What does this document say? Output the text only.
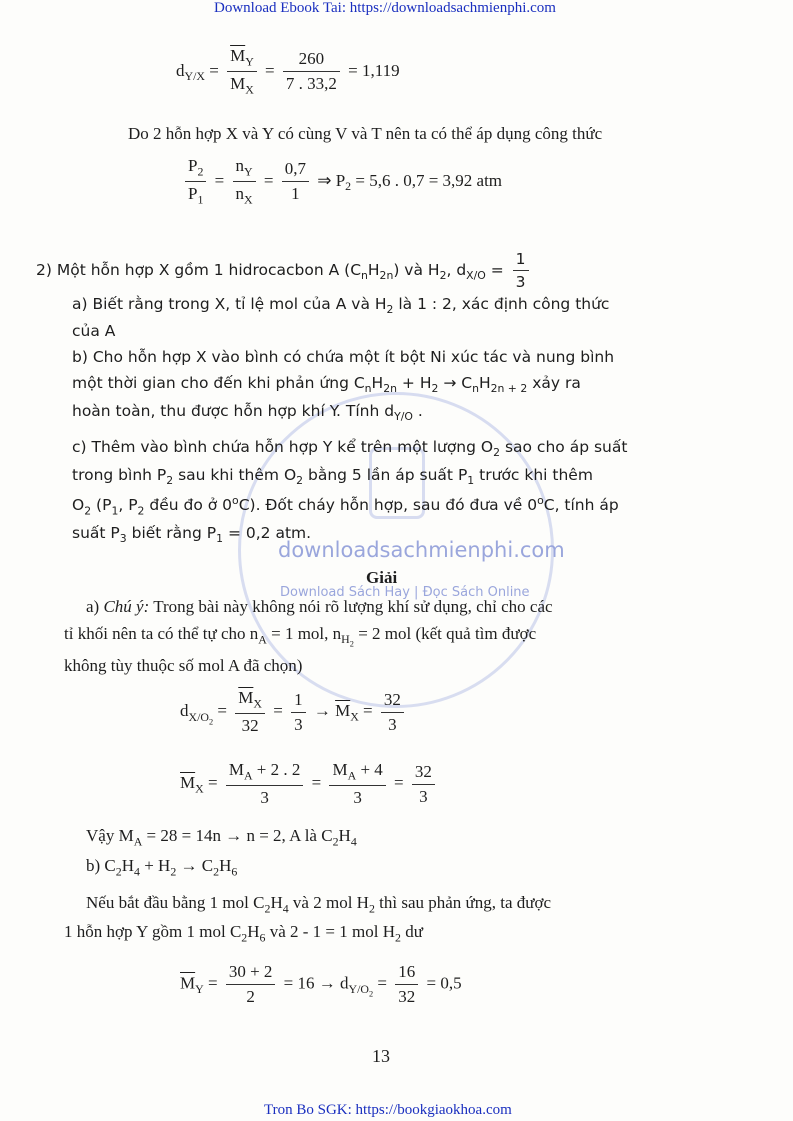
downloadsachmienphi.com
Download Sách Hay | Đọc Sách Online
Download Ebook Tai: https://downloadsachmienphi.com
$d_{Y/X} = \frac{\overline{M}_Y}{M_X} = \frac{260}{7 . 33,2} = 1,119$
Do 2 hỗn hợp X và Y có cùng V và T nên ta có thể áp dụng công thức
$\frac{P_2}{P_1} = \frac{n_Y}{n_X} = \frac{0,7}{1}$ ⇒ $P_2 = 5,6$ . 0,7 = 3,92 atm
2) Một hỗn hợp X gồm 1 hidrocacbon A $(C_nH_{2n})$ và $H_2$, $d_{X/O} = \frac{1}{3}$
a) Biết rằng trong X, tỉ lệ mol của A và $H_2$ là 1 : 2, xác định công thức
của A
b) Cho hỗn hợp X vào bình có chứa một ít bột Ni xúc tác và nung bình
một thời gian cho đến khi phản ứng $C_nH_{2n} + H_2 \to C_nH_{2n + 2}$ xảy ra
hoàn toàn, thu được hỗn hợp khí Y. Tính $d_{Y/O}$ .
c) Thêm vào bình chứa hỗn hợp Y kể trên một lượng $O_2$ sao cho áp suất
trong bình $P_2$ sau khi thêm $O_2$ bằng 5 lần áp suất $P_1$ trước khi thêm
$O_2$ ($P_1$, $P_2$ đều đo ở 0$^o$C). Đốt cháy hỗn hợp, sau đó đưa về 0$^o$C, tính áp
suất $P_3$ biết rằng $P_1 = 0,2$ atm.
Giải
a) Chú ý: Trong bài này không nói rõ lượng khí sử dụng, chỉ cho các
tỉ khối nên ta có thể tự cho $n_A = 1$ mol, $n_{H_2} = 2$ mol (kết quả tìm được
không tùy thuộc số mol A đã chọn)
$d_{X/O_2} = \frac{\overline{M}_X}{32} = \frac{1}{3} \to \overline{M}_X = \frac{32}{3}$
$\overline{M}_X = \frac{M_A + 2 . 2}{3} = \frac{M_A + 4}{3} = \frac{32}{3}$
Vậy $M_A = 28 = 14n \to n = 2$, A là $C_2H_4$
b) $C_2H_4 + H_2 \to C_2H_6$
Nếu bắt đầu bằng 1 mol $C_2H_4$ và 2 mol $H_2$ thì sau phản ứng, ta được
1 hỗn hợp Y gồm 1 mol $C_2H_6$ và 2 - 1 = 1 mol $H_2$ dư
$\overline{M}_Y = \frac{30 + 2}{2} = 16 \to d_{Y/O_2} = \frac{16}{32} = 0,5$
13
Tron Bo SGK: https://bookgiaokhoa.com
